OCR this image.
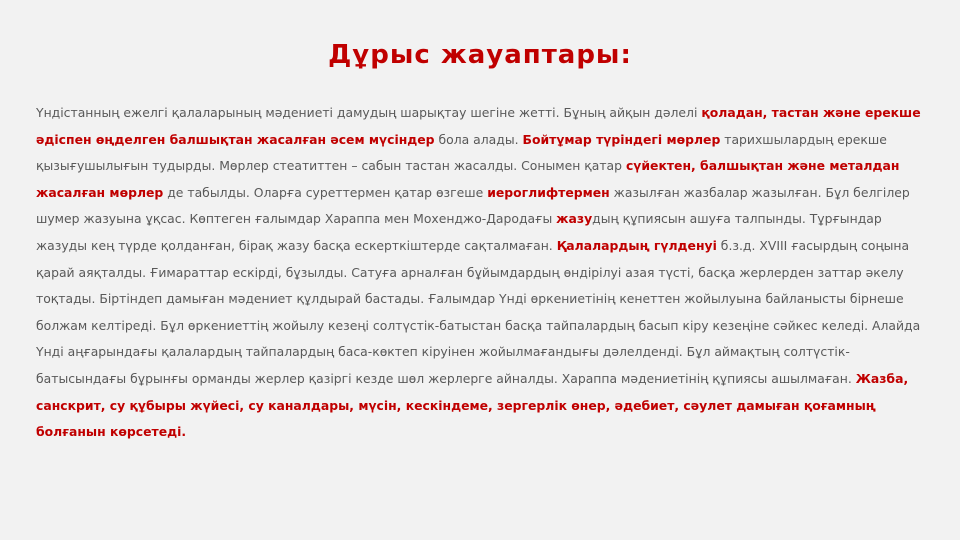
Дұрыс жауаптары:

Үндістанның ежелгі қалаларының мәдениеті дамудың шарықтау шегіне жетті. Бұның айқын дәлелі қоладан, тастан және ерекше әдіспен өңделген балшықтан жасалған әсем мүсіндер бола алады. Бойтұмар түріндегі мөрлер тарихшылардың ерекше қызығушылығын тудырды. Мөрлер стеатиттен – сабын тастан жасалды. Сонымен қатар сүйектен, балшықтан және металдан жасалған мөрлер де табылды. Оларға суреттермен қатар өзгеше иероглифтермен жазылған жазбалар жазылған. Бұл белгілер шумер жазуына ұқсас. Көптеген ғалымдар Хараппа мен Мохенджо-Дародағы жазудың құпиясын ашуға талпынды. Тұрғындар жазуды кең түрде қолданған, бірақ жазу басқа ескерткіштерде сақталмаған. Қалалардың гүлденуі б.з.д. XVIII ғасырдың соңына қарай аяқталды. Ғимараттар ескірді, бұзылды. Сатуға арналған бұйымдардың өндірілуі азая түсті, басқа жерлерден заттар әкелу тоқтады. Біртіндеп дамыған мәдениет құлдырай бастады. Ғалымдар Үнді өркениетінің кенеттен жойылуына байланысты бірнеше болжам келтіреді. Бұл өркениеттің жойылу кезеңі солтүстік-батыстан басқа тайпалардың басып кіру кезеңіне сәйкес келеді. Алайда Үнді аңғарындағы қалалардың тайпалардың баса-көктеп кіруінен жойылмағандығы дәлелденді. Бұл аймақтың солтүстік-батысындағы бұрынғы орманды жерлер қазіргі кезде шөл жерлерге айналды. Хараппа мәдениетінің құпиясы ашылмаған. Жазба, санскрит, су құбыры жүйесі, су каналдары, мүсін, кескіндеме, зергерлік өнер, әдебиет, сәулет дамыған қоғамның болғанын көрсетеді.
